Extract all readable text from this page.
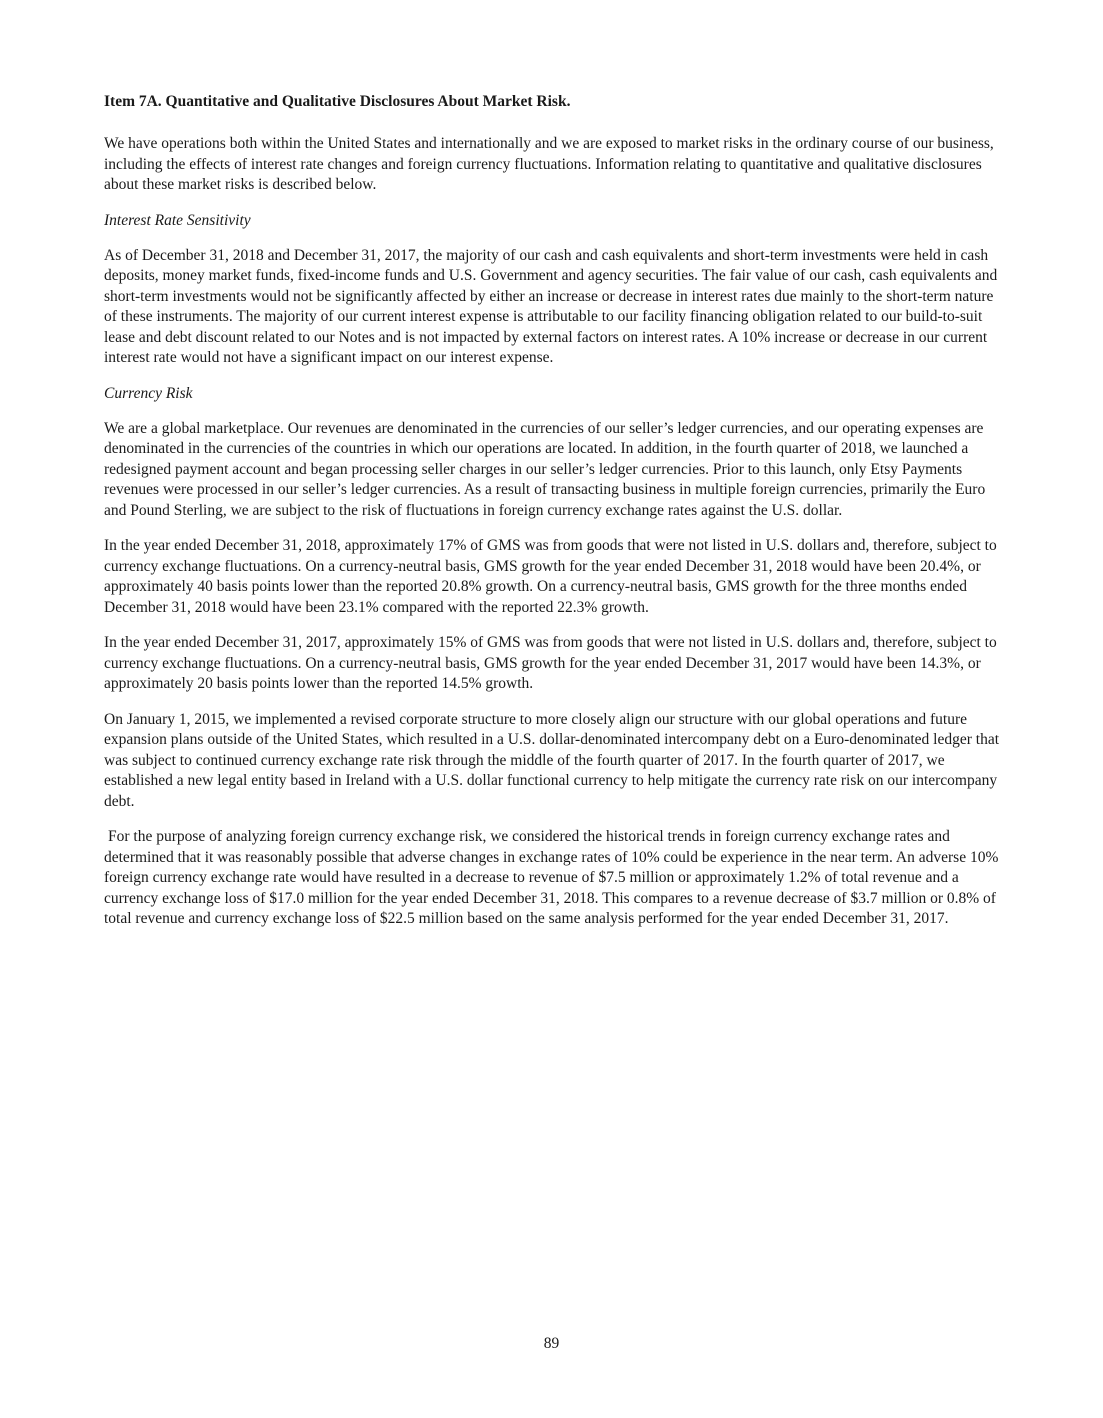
Item 7A. Quantitative and Qualitative Disclosures About Market Risk.

We have operations both within the United States and internationally and we are exposed to market risks in the ordinary course of our business, including the effects of interest rate changes and foreign currency fluctuations. Information relating to quantitative and qualitative disclosures about these market risks is described below.

Interest Rate Sensitivity

As of December 31, 2018 and December 31, 2017, the majority of our cash and cash equivalents and short-term investments were held in cash deposits, money market funds, fixed-income funds and U.S. Government and agency securities. The fair value of our cash, cash equivalents and short-term investments would not be significantly affected by either an increase or decrease in interest rates due mainly to the short-term nature of these instruments. The majority of our current interest expense is attributable to our facility financing obligation related to our build-to-suit lease and debt discount related to our Notes and is not impacted by external factors on interest rates. A 10% increase or decrease in our current interest rate would not have a significant impact on our interest expense.

Currency Risk

We are a global marketplace. Our revenues are denominated in the currencies of our seller’s ledger currencies, and our operating expenses are denominated in the currencies of the countries in which our operations are located. In addition, in the fourth quarter of 2018, we launched a redesigned payment account and began processing seller charges in our seller’s ledger currencies. Prior to this launch, only Etsy Payments revenues were processed in our seller’s ledger currencies. As a result of transacting business in multiple foreign currencies, primarily the Euro and Pound Sterling, we are subject to the risk of fluctuations in foreign currency exchange rates against the U.S. dollar.

In the year ended December 31, 2018, approximately 17% of GMS was from goods that were not listed in U.S. dollars and, therefore, subject to currency exchange fluctuations. On a currency-neutral basis, GMS growth for the year ended December 31, 2018 would have been 20.4%, or approximately 40 basis points lower than the reported 20.8% growth. On a currency-neutral basis, GMS growth for the three months ended December 31, 2018 would have been 23.1% compared with the reported 22.3% growth.

In the year ended December 31, 2017, approximately 15% of GMS was from goods that were not listed in U.S. dollars and, therefore, subject to currency exchange fluctuations. On a currency-neutral basis, GMS growth for the year ended December 31, 2017 would have been 14.3%, or approximately 20 basis points lower than the reported 14.5% growth.

On January 1, 2015, we implemented a revised corporate structure to more closely align our structure with our global operations and future expansion plans outside of the United States, which resulted in a U.S. dollar-denominated intercompany debt on a Euro-denominated ledger that was subject to continued currency exchange rate risk through the middle of the fourth quarter of 2017. In the fourth quarter of 2017, we established a new legal entity based in Ireland with a U.S. dollar functional currency to help mitigate the currency rate risk on our intercompany debt.

For the purpose of analyzing foreign currency exchange risk, we considered the historical trends in foreign currency exchange rates and determined that it was reasonably possible that adverse changes in exchange rates of 10% could be experience in the near term. An adverse 10% foreign currency exchange rate would have resulted in a decrease to revenue of $7.5 million or approximately 1.2% of total revenue and a currency exchange loss of $17.0 million for the year ended December 31, 2018. This compares to a revenue decrease of $3.7 million or 0.8% of total revenue and currency exchange loss of $22.5 million based on the same analysis performed for the year ended December 31, 2017.

89
